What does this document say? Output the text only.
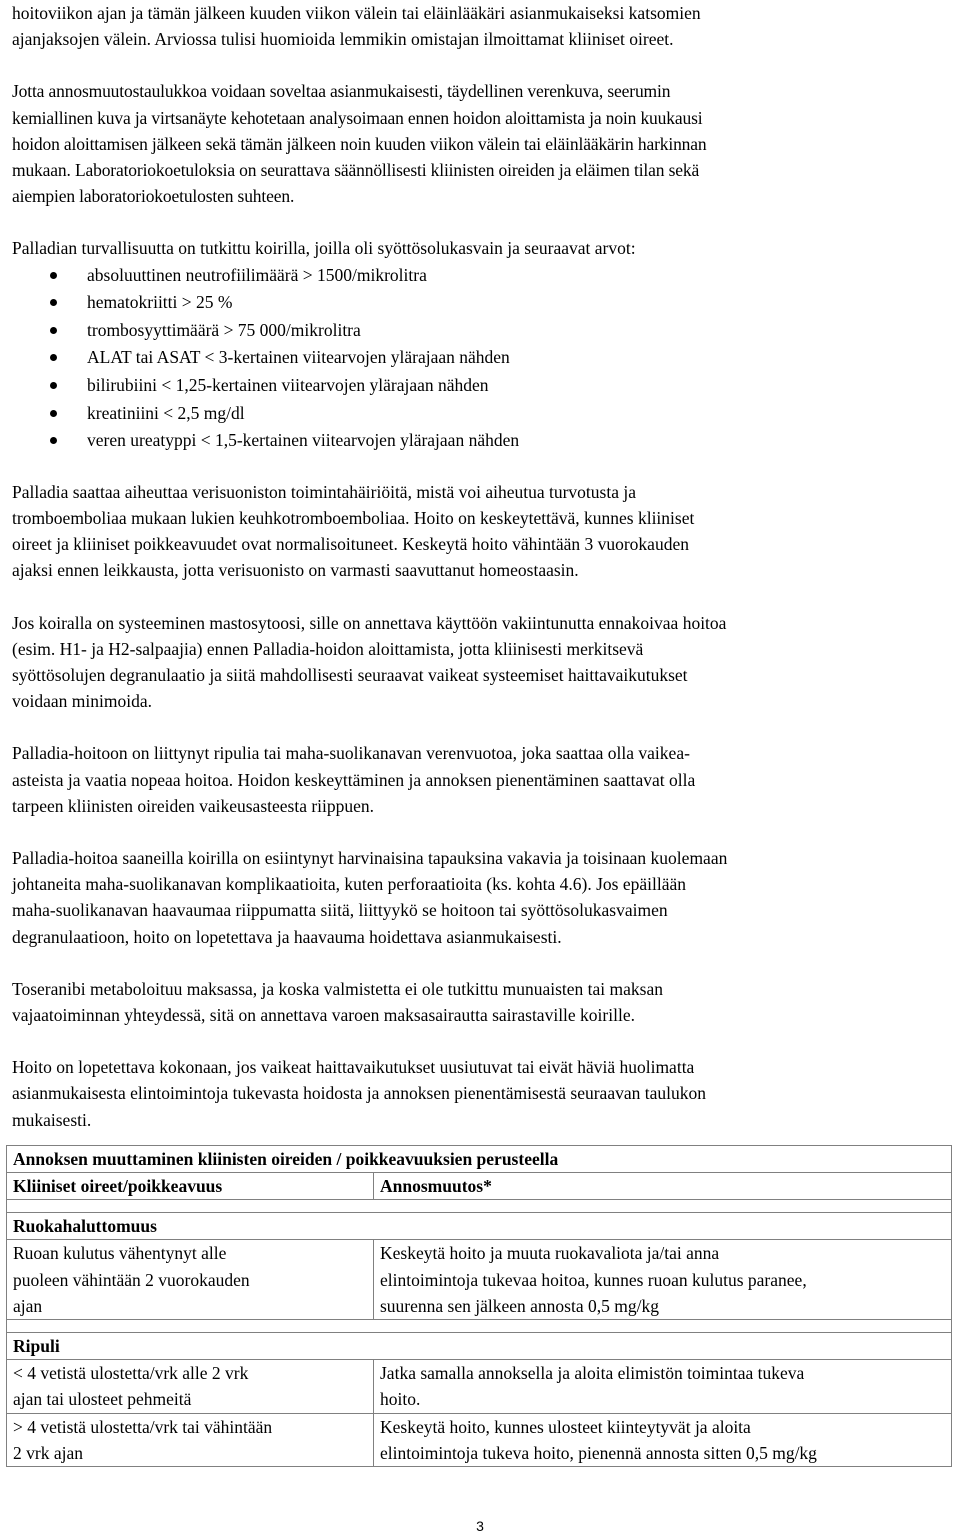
hoitoviikon ajan ja tämän jälkeen kuuden viikon välein tai eläinlääkäri asianmukaiseksi katsomien
ajanjaksojen välein. Arviossa tulisi huomioida lemmikin omistajan ilmoittamat kliiniset oireet.

Jotta annosmuutostaulukkoa voidaan soveltaa asianmukaisesti, täydellinen verenkuva, seerumin
kemiallinen kuva ja virtsanäyte kehotetaan analysoimaan ennen hoidon aloittamista ja noin kuukausi
hoidon aloittamisen jälkeen sekä tämän jälkeen noin kuuden viikon välein tai eläinlääkärin harkinnan
mukaan. Laboratoriokoetuloksia on seurattava säännöllisesti kliinisten oireiden ja eläimen tilan sekä
aiempien laboratoriokoetulosten suhteen.

Palladian turvallisuutta on tutkittu koirilla, joilla oli syöttösolukasvain ja seuraavat arvot:

absoluuttinen neutrofiilimäärä > 1500/mikrolitra
hematokriitti > 25 %
trombosyyttimäärä > 75 000/mikrolitra
ALAT tai ASAT < 3-kertainen viitearvojen ylärajaan nähden
bilirubiini < 1,25-kertainen viitearvojen ylärajaan nähden
kreatiniini < 2,5 mg/dl
veren ureatyppi < 1,5-kertainen viitearvojen ylärajaan nähden

Palladia saattaa aiheuttaa verisuoniston toimintahäiriöitä, mistä voi aiheutua turvotusta ja
tromboemboliaa mukaan lukien keuhkotromboemboliaa. Hoito on keskeytettävä, kunnes kliiniset
oireet ja kliiniset poikkeavuudet ovat normalisoituneet. Keskeytä hoito vähintään 3 vuorokauden
ajaksi ennen leikkausta, jotta verisuonisto on varmasti saavuttanut homeostaasin.

Jos koiralla on systeeminen mastosytoosi, sille on annettava käyttöön vakiintunutta ennakoivaa hoitoa
(esim. H1- ja H2-salpaajia) ennen Palladia-hoidon aloittamista, jotta kliinisesti merkitsevä
syöttösolujen degranulaatio ja siitä mahdollisesti seuraavat vaikeat systeemiset haittavaikutukset
voidaan minimoida.

Palladia-hoitoon on liittynyt ripulia tai maha-suolikanavan verenvuotoa, joka saattaa olla vaikea-
asteista ja vaatia nopeaa hoitoa. Hoidon keskeyttäminen ja annoksen pienentäminen saattavat olla
tarpeen kliinisten oireiden vaikeusasteesta riippuen.

Palladia-hoitoa saaneilla koirilla on esiintynyt harvinaisina tapauksina vakavia ja toisinaan kuolemaan
johtaneita maha-suolikanavan komplikaatioita, kuten perforaatioita (ks. kohta 4.6). Jos epäillään
maha-suolikanavan haavaumaa riippumatta siitä, liittyykö se hoitoon tai syöttösolukasvaimen
degranulaatioon, hoito on lopetettava ja haavauma hoidettava asianmukaisesti.

Toseranibi metaboloituu maksassa, ja koska valmistetta ei ole tutkittu munuaisten tai maksan
vajaatoiminnan yhteydessä, sitä on annettava varoen maksasairautta sairastaville koirille.

Hoito on lopetettava kokonaan, jos vaikeat haittavaikutukset uusiutuvat tai eivät häviä huolimatta
asianmukaisesta elintoimintoja tukevasta hoidosta ja annoksen pienentämisestä seuraavan taulukon
mukaisesti.

Annoksen muuttaminen kliinisten oireiden / poikkeavuuksien perusteella	
Kliiniset oireet/poikkeavuus	Annosmuutos*

Ruokahaluttomuus	
Ruoan kulutus vähentynyt alle
puoleen vähintään 2 vuorokauden
ajan	Keskeytä hoito ja muuta ruokavaliota ja/tai anna
elintoimintoja tukevaa hoitoa, kunnes ruoan kulutus paranee,
suurenna sen jälkeen annosta 0,5 mg/kg

Ripuli	
< 4 vetistä ulostetta/vrk alle 2 vrk
ajan tai ulosteet pehmeitä	Jatka samalla annoksella ja aloita elimistön toimintaa tukeva
hoito.
> 4 vetistä ulostetta/vrk tai vähintään
2 vrk ajan	Keskeytä hoito, kunnes ulosteet kiinteytyvät ja aloita
elintoimintoja tukeva hoito, pienennä annosta sitten 0,5 mg/kg
3
